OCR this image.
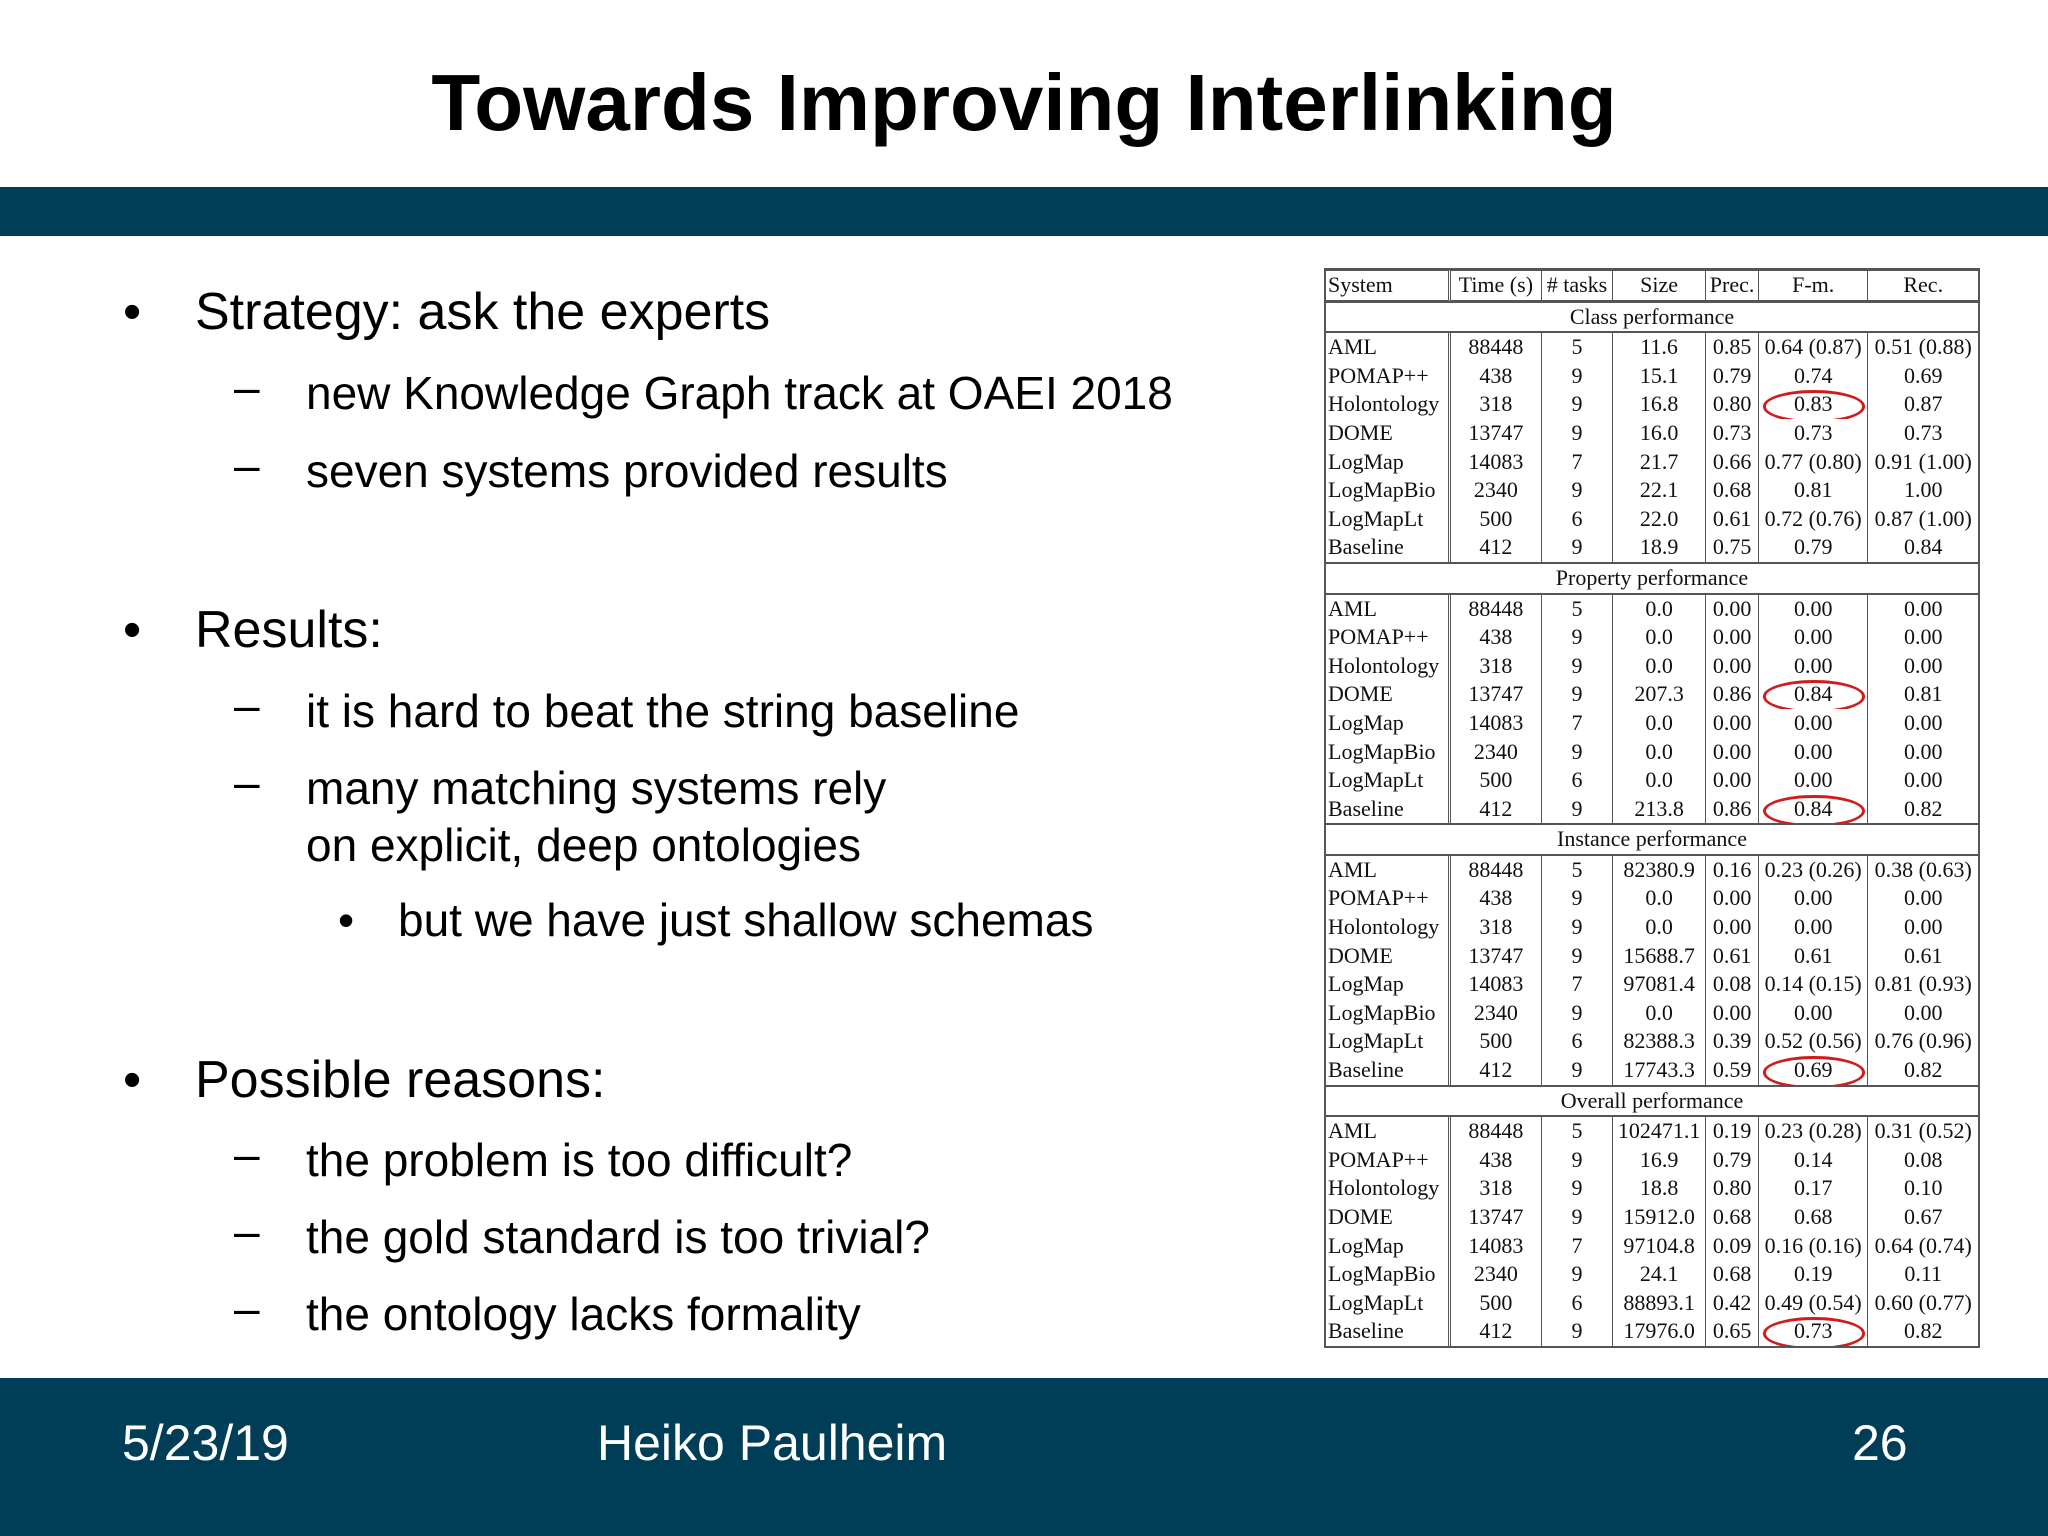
Towards Improving Interlinking
• Strategy: ask the experts
– new Knowledge Graph track at OAEI 2018
– seven systems provided results
• Results:
– it is hard to beat the string baseline
– many matching systems rely
on explicit, deep ontologies
• but we have just shallow schemas
• Possible reasons:
– the problem is too difficult?
– the gold standard is too trivial?
– the ontology lacks formality
System	Time (s)	# tasks	Size	Prec.	F-m.	Rec.
Class performance						
AML	88448	5	11.6	0.85	0.64 (0.87)	0.51 (0.88)
POMAP++	438	9	15.1	0.79	0.74	0.69
Holontology	318	9	16.8	0.80	0.83	0.87
DOME	13747	9	16.0	0.73	0.73	0.73
LogMap	14083	7	21.7	0.66	0.77 (0.80)	0.91 (1.00)
LogMapBio	2340	9	22.1	0.68	0.81	1.00
LogMapLt	500	6	22.0	0.61	0.72 (0.76)	0.87 (1.00)
Baseline	412	9	18.9	0.75	0.79	0.84
Property performance						
AML	88448	5	0.0	0.00	0.00	0.00
POMAP++	438	9	0.0	0.00	0.00	0.00
Holontology	318	9	0.0	0.00	0.00	0.00
DOME	13747	9	207.3	0.86	0.84	0.81
LogMap	14083	7	0.0	0.00	0.00	0.00
LogMapBio	2340	9	0.0	0.00	0.00	0.00
LogMapLt	500	6	0.0	0.00	0.00	0.00
Baseline	412	9	213.8	0.86	0.84	0.82
Instance performance						
AML	88448	5	82380.9	0.16	0.23 (0.26)	0.38 (0.63)
POMAP++	438	9	0.0	0.00	0.00	0.00
Holontology	318	9	0.0	0.00	0.00	0.00
DOME	13747	9	15688.7	0.61	0.61	0.61
LogMap	14083	7	97081.4	0.08	0.14 (0.15)	0.81 (0.93)
LogMapBio	2340	9	0.0	0.00	0.00	0.00
LogMapLt	500	6	82388.3	0.39	0.52 (0.56)	0.76 (0.96)
Baseline	412	9	17743.3	0.59	0.69	0.82
Overall performance						
AML	88448	5	102471.1	0.19	0.23 (0.28)	0.31 (0.52)
POMAP++	438	9	16.9	0.79	0.14	0.08
Holontology	318	9	18.8	0.80	0.17	0.10
DOME	13747	9	15912.0	0.68	0.68	0.67
LogMap	14083	7	97104.8	0.09	0.16 (0.16)	0.64 (0.74)
LogMapBio	2340	9	24.1	0.68	0.19	0.11
LogMapLt	500	6	88893.1	0.42	0.49 (0.54)	0.60 (0.77)
Baseline	412	9	17976.0	0.65	0.73	0.82
5/23/19	Heiko Paulheim	26
